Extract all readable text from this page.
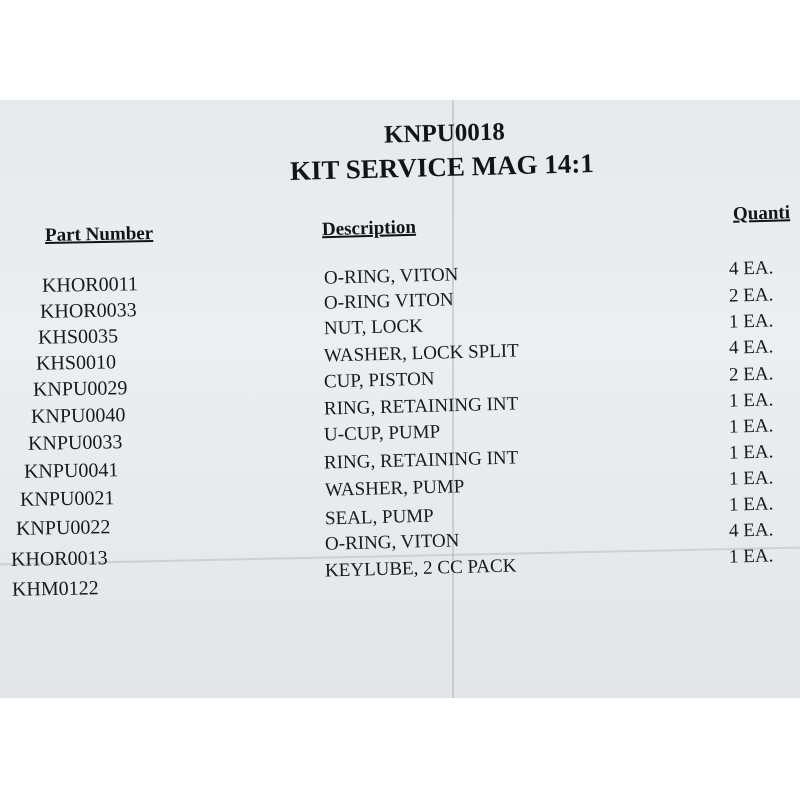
KNPU0018
KIT SERVICE MAG 14:1
Part Number	Description
Quanti
KHOR0011
KHOR0033
KHS0035
KHS0010
KNPU0029
KNPU0040
KNPU0033
KNPU0041
KNPU0021
KNPU0022
KHOR0013
KHM0122
O-RING, VITON
O-RING VITON
NUT, LOCK
WASHER, LOCK SPLIT
CUP, PISTON
RING, RETAINING INT
U-CUP, PUMP
RING, RETAINING INT
WASHER, PUMP
SEAL, PUMP
O-RING, VITON
KEYLUBE, 2 CC PACK
4 EA.
2 EA.
1 EA.
4 EA.
2 EA.
1 EA.
1 EA.
1 EA.
1 EA.
1 EA.
4 EA.
1 EA.
